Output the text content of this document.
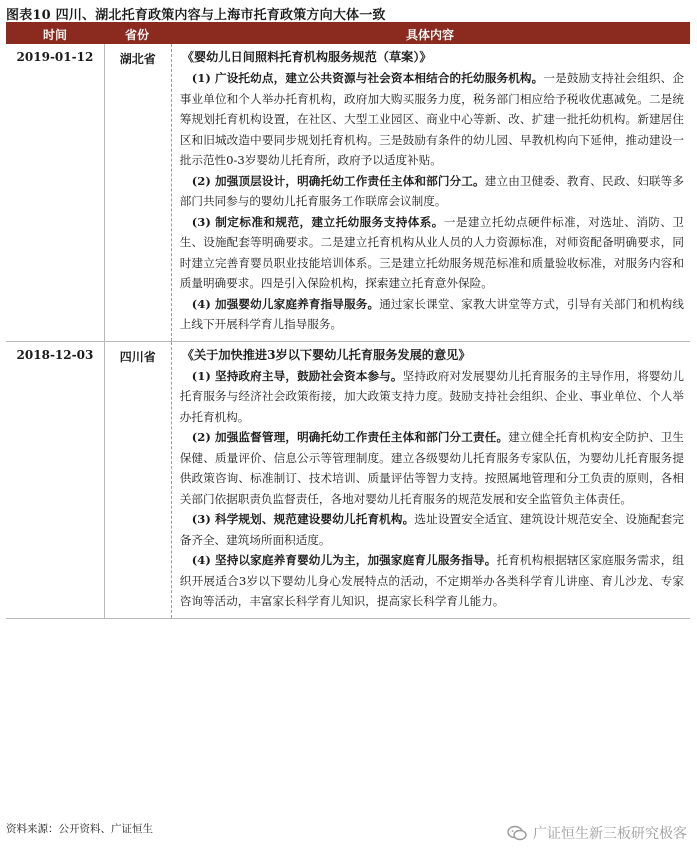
图表10 四川、湖北托育政策内容与上海市托育政策方向大体一致
时间	省份	具体内容
2019-01-12	湖北省	《婴幼儿日间照料托育机构服务规范（草案）》

(1) 广设托幼点，建立公共资源与社会资本相结合的托幼服务机构。一是鼓励支持社会组织、企事业单位和个人举办托育机构，政府加大购买服务力度，税务部门相应给予税收优惠减免。二是统筹规划托育机构设置，在社区、大型工业园区、商业中心等新、改、扩建一批托幼机构。新建居住区和旧城改造中要同步规划托育机构。三是鼓励有条件的幼儿园、早教机构向下延伸，推动建设一批示范性0-3岁婴幼儿托育所，政府予以适度补贴。

(2) 加强顶层设计，明确托幼工作责任主体和部门分工。建立由卫健委、教育、民政、妇联等多部门共同参与的婴幼儿托育服务工作联席会议制度。

(3) 制定标准和规范，建立托幼服务支持体系。一是建立托幼点硬件标准，对选址、消防、卫生、设施配套等明确要求。二是建立托育机构从业人员的人力资源标准，对师资配备明确要求，同时建立完善育婴员职业技能培训体系。三是建立托幼服务规范标准和质量验收标准，对服务内容和质量明确要求。四是引入保险机构，探索建立托育意外保险。

(4) 加强婴幼儿家庭养育指导服务。通过家长课堂、家教大讲堂等方式，引导有关部门和机构线上线下开展科学育儿指导服务。

2018-12-03	四川省	《关于加快推进3岁以下婴幼儿托育服务发展的意见》

(1) 坚持政府主导，鼓励社会资本参与。坚持政府对发展婴幼儿托育服务的主导作用，将婴幼儿托育服务与经济社会政策衔接，加大政策支持力度。鼓励支持社会组织、企业、事业单位、个人举办托育机构。

(2) 加强监督管理，明确托幼工作责任主体和部门分工责任。建立健全托育机构安全防护、卫生保健、质量评价、信息公示等管理制度。建立各级婴幼儿托育服务专家队伍，为婴幼儿托育服务提供政策咨询、标准制订、技术培训、质量评估等智力支持。按照属地管理和分工负责的原则，各相关部门依据职责负监督责任，各地对婴幼儿托育服务的规范发展和安全监管负主体责任。

(3) 科学规划、规范建设婴幼儿托育机构。选址设置安全适宜、建筑设计规范安全、设施配套完备齐全、建筑场所面积适度。

(4) 坚持以家庭养育婴幼儿为主，加强家庭育儿服务指导。托育机构根据辖区家庭服务需求，组织开展适合3岁以下婴幼儿身心发展特点的活动，不定期举办各类科学育儿讲座、育儿沙龙、专家咨询等活动，丰富家长科学育儿知识，提高家长科学育儿能力。

资料来源：公开资料、广证恒生	广证恒生新三板研究极客
